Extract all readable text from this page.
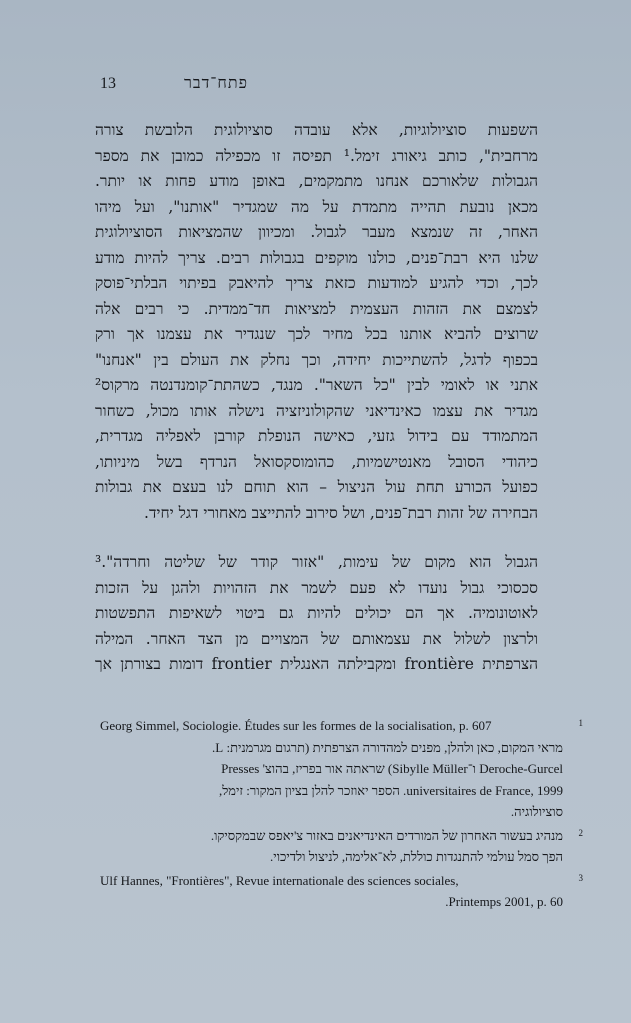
13	פתח־דבר
השפעות סוציולוגיות, אלא עובדה סוציולוגית הלובשת צורה
מרחבית", כותב גיאורג זימל.¹ תפיסה זו מכפילה כמובן את מספר
הגבולות שלאורכם אנחנו מתמקמים, באופן מודע פחות או יותר.
מכאן נובעת תהייה מתמדת על מה שמגדיר "אותנו", ועל מיהו
האחר, זה שנמצא מעבר לגבול. ומכיוון שהמציאות הסוציולוגית
שלנו היא רבת־פנים, כולנו מוקפים בגבולות רבים. צריך להיות מודע
לכך, וכדי להגיע למודעות כזאת צריך להיאבק בפיתוי הבלתי־פוסק
לצמצם את הזהות העצמית למציאות חד־ממדית. כי רבים אלה
שרוצים להביא אותנו בכל מחיר לכך שנגדיר את עצמנו אך ורק
בכפוף לדגל, להשתייכות יחידה, וכך נחלק את העולם בין "אנחנו"
אתני או לאומי לבין "כל השאר". מנגד, כשהתת־קומנדנטה מרקוס²
מגדיר את עצמו כאינדיאני שהקולוניזציה נישלה אותו מכול, כשחור
המתמודד עם בידול גזעי, כאישה הנופלת קורבן לאפליה מגדרית,
כיהודי הסובל מאנטישמיות, כהומוסקסואל הנרדף בשל מיניותו,
כפועל הכורע תחת עול הניצול – הוא תוחם לנו בעצם את גבולות
הבחירה של זהות רבת־פנים, ושל סירוב להתייצב מאחורי דגל יחיד.
הגבול הוא מקום של עימות, "אזור קודר של שליטה וחרדה".³
סכסוכי גבול נועדו לא פעם לשמר את הזהויות ולהגן על הזכות
לאוטונומיה. אך הם יכולים להיות גם ביטוי לשאיפות התפשטות
ולרצון לשלול את עצמאותם של המצויים מן הצד האחר. המילה
הצרפתית frontière ומקבילתה האנגלית frontier דומות בצורתן אך
1
Georg Simmel, Sociologie. Études sur les formes de la socialisation, p. 607
מראי המקום, כאן ולהלן, מפנים למהדורה הצרפתית (תרגום מגרמנית: L.
Deroche-Gurcel ו־Sibylle Müller) שראתה אור בפריז, בהוצ' Presses
universitaires de France, 1999. הספר יאוזכר להלן בציון המקור: זימל,
סוציולוגיה.
2
מנהיג בעשור האחרון של המורדים האינדיאנים באזור צ'יאפס שבמקסיקו.
הפך סמל עולמי להתנגדות כוללת, לא־אלימה, לניצול ולדיכוי.
3
Ulf Hannes, "Frontières", Revue internationale des sciences sociales,
Printemps 2001, p. 60.
